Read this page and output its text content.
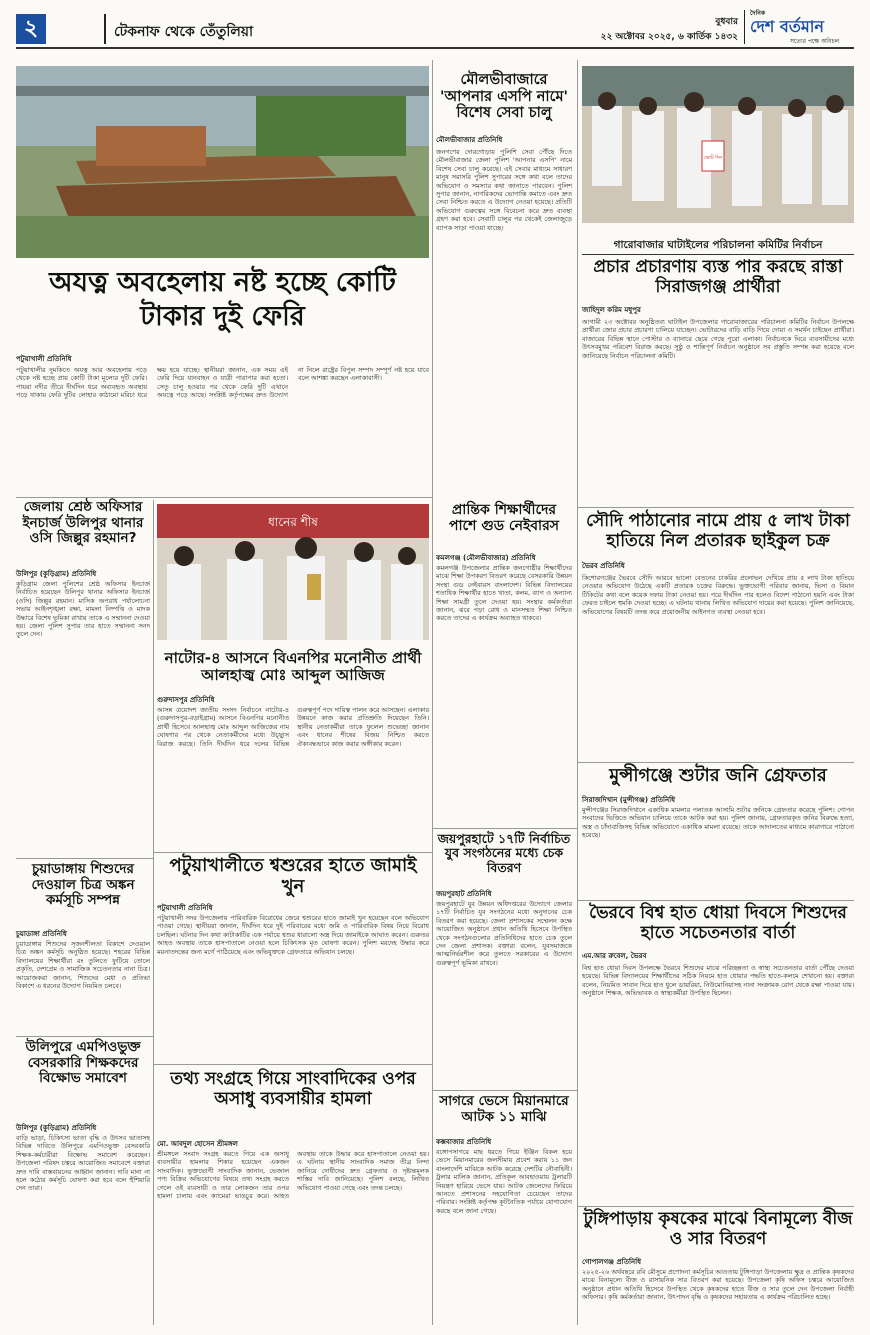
২	টেকনাফ থেকে তেঁতুলিয়া
বুধবার
২২ অক্টোবর ২০২৫, ৬ কার্তিক ১৪৩২
দৈনিক
দেশ বর্তমান
সত্যের পক্ষে অবিচল
মৌলভীবাজারে 'আপনার এসপি নামে' বিশেষ সেবা চালু
মৌলভীবাজার প্রতিনিধি
জনগণের দোরগোড়ায় পুলিশি সেবা পৌঁছে দিতে মৌলভীবাজার জেলা পুলিশ 'আপনার এসপি' নামে বিশেষ সেবা চালু করেছে। এই সেবার মাধ্যমে সাধারণ মানুষ সরাসরি পুলিশ সুপারের সঙ্গে কথা বলে তাদের অভিযোগ ও সমস্যার কথা জানাতে পারবেন। পুলিশ সুপার জানান, নাগরিকদের ভোগান্তি কমাতে এবং দ্রুত সেবা নিশ্চিত করতে এ উদ্যোগ নেওয়া হয়েছে। প্রতিটি অভিযোগ গুরুত্বের সঙ্গে বিবেচনা করে দ্রুত ব্যবস্থা গ্রহণ করা হবে। সেবাটি চালুর পর থেকেই জেলাজুড়ে ব্যাপক সাড়া পাওয়া যাচ্ছে।
ভোট দিন
গারোবাজার ঘাটাইলের পরিচালনা কমিটির নির্বাচন
প্রচার প্রচারণায় ব্যস্ত পার করছে রাস্তা সিরাজগঞ্জ প্রার্থীরা
জাহিদুল করিম মধুপুর
আগামী ২৩ অক্টোবর অনুষ্ঠিতব্য ঘাটাইল উপজেলার গারোবাজারের পরিচালনা কমিটির নির্বাচন উপলক্ষে প্রার্থীরা জোর প্রচার প্রচারণা চালিয়ে যাচ্ছেন। ভোটারদের বাড়ি বাড়ি গিয়ে দোয়া ও সমর্থন চাইছেন প্রার্থীরা। বাজারের বিভিন্ন স্থানে পোস্টার ও ব্যানারে ছেয়ে গেছে পুরো এলাকা। নির্বাচনকে ঘিরে ব্যবসায়ীদের মধ্যে উৎসবমুখর পরিবেশ বিরাজ করছে। সুষ্ঠু ও শান্তিপূর্ণ নির্বাচন অনুষ্ঠানে সব প্রস্তুতি সম্পন্ন করা হয়েছে বলে জানিয়েছে নির্বাচন পরিচালনা কমিটি।
অযত্ন অবহেলায় নষ্ট হচ্ছে কোটি টাকার দুই ফেরি
পটুয়াখালী প্রতিনিধি
পটুয়াখালীর দুমকিতে অযত্ন আর অবহেলায় পড়ে থেকে নষ্ট হচ্ছে প্রায় কোটি টাকা মূল্যের দুটি ফেরি। পায়রা নদীর তীরে দীর্ঘদিন ধরে অব্যবহৃত অবস্থায় পড়ে থাকায় ফেরি দুটির লোহার কাঠামো মরিচা ধরে ক্ষয় হয়ে যাচ্ছে। স্থানীয়রা জানান, এক সময় এই ফেরি দিয়ে যানবাহন ও যাত্রী পারাপার করা হতো। সেতু চালু হওয়ার পর থেকে ফেরি দুটি এখানে অযত্নে পড়ে আছে। সংশ্লিষ্ট কর্তৃপক্ষের দ্রুত উদ্যোগ না নিলে রাষ্ট্রের বিপুল সম্পদ সম্পূর্ণ নষ্ট হয়ে যাবে বলে আশঙ্কা করছেন এলাকাবাসী।
জেলায় শ্রেষ্ঠ অফিসার ইনচার্জ উলিপুর থানার ওসি জিল্লুর রহমান?
উলিপুর (কুড়িগ্রাম) প্রতিনিধি
কুড়িগ্রাম জেলা পুলিশের শ্রেষ্ঠ অফিসার ইনচার্জ নির্বাচিত হয়েছেন উলিপুর থানার অফিসার ইনচার্জ (ওসি) জিল্লুর রহমান। মাসিক অপরাধ পর্যালোচনা সভায় আইনশৃঙ্খলা রক্ষা, মামলা নিষ্পত্তি ও মাদক উদ্ধারে বিশেষ ভূমিকা রাখায় তাকে এ সম্মাননা দেওয়া হয়। জেলা পুলিশ সুপার তার হাতে সম্মাননা সনদ তুলে দেন।
ধানের শীষ
নাটোর-৪ আসনে বিএনপির মনোনীত প্রার্থী আলহাজ্ব মোঃ আব্দুল আজিজ
গুরুদাসপুর প্রতিনিধি
আসন্ন ত্রয়োদশ জাতীয় সংসদ নির্বাচনে নাটোর-৪ (গুরুদাসপুর-বড়াইগ্রাম) আসনে বিএনপির মনোনীত প্রার্থী হিসেবে আলহাজ্ব মোঃ আব্দুল আজিজের নাম ঘোষণার পর থেকে নেতাকর্মীদের মধ্যে উচ্ছ্বাস বিরাজ করছে। তিনি দীর্ঘদিন ধরে দলের বিভিন্ন গুরুত্বপূর্ণ পদে দায়িত্ব পালন করে আসছেন। এলাকার উন্নয়নে কাজ করার প্রতিশ্রুতি দিয়েছেন তিনি। স্থানীয় নেতাকর্মীরা তাকে ফুলেল শুভেচ্ছা জানান এবং ধানের শীষের বিজয় নিশ্চিত করতে ঐক্যবদ্ধভাবে কাজ করার অঙ্গীকার করেন।
প্রান্তিক শিক্ষার্থীদের পাশে গুড নেইবারস
কমলগঞ্জ (মৌলভীবাজার) প্রতিনিধি
কমলগঞ্জ উপজেলার প্রান্তিক জনগোষ্ঠীর শিক্ষার্থীদের মাঝে শিক্ষা উপকরণ বিতরণ করেছে বেসরকারি উন্নয়ন সংস্থা গুড নেইবারস বাংলাদেশ। বিভিন্ন বিদ্যালয়ের শতাধিক শিক্ষার্থীর হাতে খাতা, কলম, ব্যাগ ও অন্যান্য শিক্ষা সামগ্রী তুলে দেওয়া হয়। সংস্থার কর্মকর্তারা জানান, ঝরে পড়া রোধ ও মানসম্মত শিক্ষা নিশ্চিত করতে তাদের এ কার্যক্রম অব্যাহত থাকবে।
সৌদি পাঠানোর নামে প্রায় ৫ লাখ টাকা হাতিয়ে নিল প্রতারক ছাইকুল চক্র
ভৈরব প্রতিনিধি
কিশোরগঞ্জের ভৈরবে সৌদি আরবে ভালো বেতনের চাকরির প্রলোভন দেখিয়ে প্রায় ৫ লাখ টাকা হাতিয়ে নেওয়ার অভিযোগ উঠেছে একটি প্রতারক চক্রের বিরুদ্ধে। ভুক্তভোগী পরিবার জানায়, ভিসা ও বিমান টিকিটের কথা বলে কয়েক দফায় টাকা নেওয়া হয়। পরে দীর্ঘদিন পার হলেও বিদেশ পাঠানো হয়নি এবং টাকা ফেরত চাইলে হুমকি দেওয়া হচ্ছে। এ ঘটনায় থানায় লিখিত অভিযোগ দায়ের করা হয়েছে। পুলিশ জানিয়েছে, অভিযোগের বিষয়টি তদন্ত করে প্রয়োজনীয় আইনগত ব্যবস্থা নেওয়া হবে।
মুন্সীগঞ্জে শুটার জনি গ্রেফতার
সিরাজদিখান (মুন্সীগঞ্জ) প্রতিনিধি
মুন্সীগঞ্জের সিরাজদিখানে একাধিক মামলার পলাতক আসামি শুটার জনিকে গ্রেফতার করেছে পুলিশ। গোপন সংবাদের ভিত্তিতে অভিযান চালিয়ে তাকে আটক করা হয়। পুলিশ জানায়, গ্রেফতারকৃত জনির বিরুদ্ধে হত্যা, অস্ত্র ও চাঁদাবাজিসহ বিভিন্ন অভিযোগে একাধিক মামলা রয়েছে। তাকে আদালতের মাধ্যমে কারাগারে পাঠানো হয়েছে।
চুয়াডাঙ্গায় শিশুদের দেওয়াল চিত্র অঙ্কন কর্মসূচি সম্পন্ন
চুয়াডাঙ্গা প্রতিনিধি
চুয়াডাঙ্গায় শিশুদের সৃজনশীলতা বিকাশে দেওয়াল চিত্র অঙ্কন কর্মসূচি অনুষ্ঠিত হয়েছে। শহরের বিভিন্ন বিদ্যালয়ের শিক্ষার্থীরা রং তুলিতে ফুটিয়ে তোলে প্রকৃতি, দেশপ্রেম ও সামাজিক সচেতনতার নানা চিত্র। আয়োজকরা জানান, শিশুদের মেধা ও প্রতিভা বিকাশে এ ধরনের উদ্যোগ নিয়মিত চলবে।
পটুয়াখালীতে শ্বশুরের হাতে জামাই খুন
পটুয়াখালী প্রতিনিধি
পটুয়াখালী সদর উপজেলায় পারিবারিক বিরোধের জেরে শ্বশুরের হাতে জামাই খুন হয়েছেন বলে অভিযোগ পাওয়া গেছে। স্থানীয়রা জানান, দীর্ঘদিন ধরে দুই পরিবারের মধ্যে জমি ও পারিবারিক বিষয় নিয়ে বিরোধ চলছিল। ঘটনার দিন কথা কাটাকাটির এক পর্যায়ে শ্বশুর ধারালো অস্ত্র দিয়ে জামাইকে আঘাত করেন। গুরুতর আহত অবস্থায় তাকে হাসপাতালে নেওয়া হলে চিকিৎসক মৃত ঘোষণা করেন। পুলিশ মরদেহ উদ্ধার করে ময়নাতদন্তের জন্য মর্গে পাঠিয়েছে এবং অভিযুক্তকে গ্রেফতারে অভিযান চলছে।
জয়পুরহাটে ১৭টি নির্বাচিত যুব সংগঠনের মধ্যে চেক বিতরণ
জয়পুরহাট প্রতিনিধি
জয়পুরহাটে যুব উন্নয়ন অধিদপ্তরের উদ্যোগে জেলার ১৭টি নির্বাচিত যুব সংগঠনের মধ্যে অনুদানের চেক বিতরণ করা হয়েছে। জেলা প্রশাসকের সম্মেলন কক্ষে আয়োজিত অনুষ্ঠানে প্রধান অতিথি হিসেবে উপস্থিত থেকে সংগঠনগুলোর প্রতিনিধিদের হাতে চেক তুলে দেন জেলা প্রশাসক। বক্তারা বলেন, যুবসমাজকে আত্মনির্ভরশীল করে তুলতে সরকারের এ উদ্যোগ গুরুত্বপূর্ণ ভূমিকা রাখবে।
ভৈরবে বিশ্ব হাত ধোয়া দিবসে শিশুদের হাতে সচেতনতার বার্তা
এম.আর রুবেল, ভৈরব
বিশ্ব হাত ধোয়া দিবস উপলক্ষে ভৈরবে শিশুদের মাঝে পরিচ্ছন্নতা ও স্বাস্থ্য সচেতনতার বার্তা পৌঁছে দেওয়া হয়েছে। বিভিন্ন বিদ্যালয়ের শিক্ষার্থীদের সঠিক নিয়মে হাত ধোয়ার পদ্ধতি হাতে-কলমে শেখানো হয়। বক্তারা বলেন, নিয়মিত সাবান দিয়ে হাত ধুলে ডায়রিয়া, নিউমোনিয়াসহ নানা সংক্রামক রোগ থেকে রক্ষা পাওয়া যায়। অনুষ্ঠানে শিক্ষক, অভিভাবক ও স্বাস্থ্যকর্মীরা উপস্থিত ছিলেন।
উলিপুরে এমপিওভুক্ত বেসরকারি শিক্ষকদের বিক্ষোভ সমাবেশ
উলিপুর (কুড়িগ্রাম) প্রতিনিধি
বাড়ি ভাড়া, চিকিৎসা ভাতা বৃদ্ধি ও উৎসব ভাতাসহ বিভিন্ন দাবিতে উলিপুরে এমপিওভুক্ত বেসরকারি শিক্ষক-কর্মচারীরা বিক্ষোভ সমাবেশ করেছেন। উপজেলা পরিষদ চত্বরে আয়োজিত সমাবেশে বক্তারা দ্রুত দাবি বাস্তবায়নের আহ্বান জানান। দাবি মানা না হলে কঠোর কর্মসূচি ঘোষণা করা হবে বলে হুঁশিয়ারি দেন তারা।
তথ্য সংগ্রহে গিয়ে সাংবাদিকের ওপর অসাধু ব্যবসায়ীর হামলা
মো. আবদুল হোসেন শ্রীমঙ্গল
শ্রীমঙ্গলে সংবাদ সংগ্রহ করতে গিয়ে এক অসাধু ব্যবসায়ীর হামলার শিকার হয়েছেন একজন সাংবাদিক। ভুক্তভোগী সাংবাদিক জানান, ভেজাল পণ্য বিক্রির অভিযোগের বিষয়ে তথ্য সংগ্রহ করতে গেলে ওই ব্যবসায়ী ও তার লোকজন তার ওপর হামলা চালায় এবং ক্যামেরা ভাঙচুর করে। আহত অবস্থায় তাকে উদ্ধার করে হাসপাতালে নেওয়া হয়। এ ঘটনায় স্থানীয় সাংবাদিক সমাজ তীব্র নিন্দা জানিয়ে দোষীদের দ্রুত গ্রেফতার ও দৃষ্টান্তমূলক শাস্তির দাবি জানিয়েছে। পুলিশ বলছে, লিখিত অভিযোগ পাওয়া গেছে এবং তদন্ত চলছে।
সাগরে ভেসে মিয়ানমারে আটক ১১ মাঝি
কক্সবাজার প্রতিনিধি
বঙ্গোপসাগরে মাছ ধরতে গিয়ে ইঞ্জিন বিকল হয়ে ভেসে মিয়ানমারের জলসীমায় প্রবেশ করায় ১১ জন বাংলাদেশি মাঝিকে আটক করেছে দেশটির নৌবাহিনী। ট্রলার মালিক জানান, প্রতিকূল আবহাওয়ায় ট্রলারটি নিয়ন্ত্রণ হারিয়ে ভেসে যায়। আটক জেলেদের ফিরিয়ে আনতে প্রশাসনের সহযোগিতা চেয়েছেন তাদের পরিবার। সংশ্লিষ্ট কর্তৃপক্ষ কূটনৈতিক পর্যায়ে যোগাযোগ করছে বলে জানা গেছে।	টুঙ্গিপাড়ায় কৃষকের মাঝে বিনামূল্যে বীজ ও সার বিতরণ
গোপালগঞ্জ প্রতিনিধি
২০২৫-২৬ অর্থবছরে রবি মৌসুমে প্রণোদনা কর্মসূচির আওতায় টুঙ্গিপাড়া উপজেলায় ক্ষুদ্র ও প্রান্তিক কৃষকদের মাঝে বিনামূল্যে বীজ ও রাসায়নিক সার বিতরণ করা হয়েছে। উপজেলা কৃষি অফিস চত্বরে আয়োজিত অনুষ্ঠানে প্রধান অতিথি হিসেবে উপস্থিত থেকে কৃষকদের হাতে বীজ ও সার তুলে দেন উপজেলা নির্বাহী অফিসার। কৃষি কর্মকর্তারা জানান, উৎপাদন বৃদ্ধি ও কৃষকদের সহায়তায় এ কার্যক্রম পরিচালিত হচ্ছে।
